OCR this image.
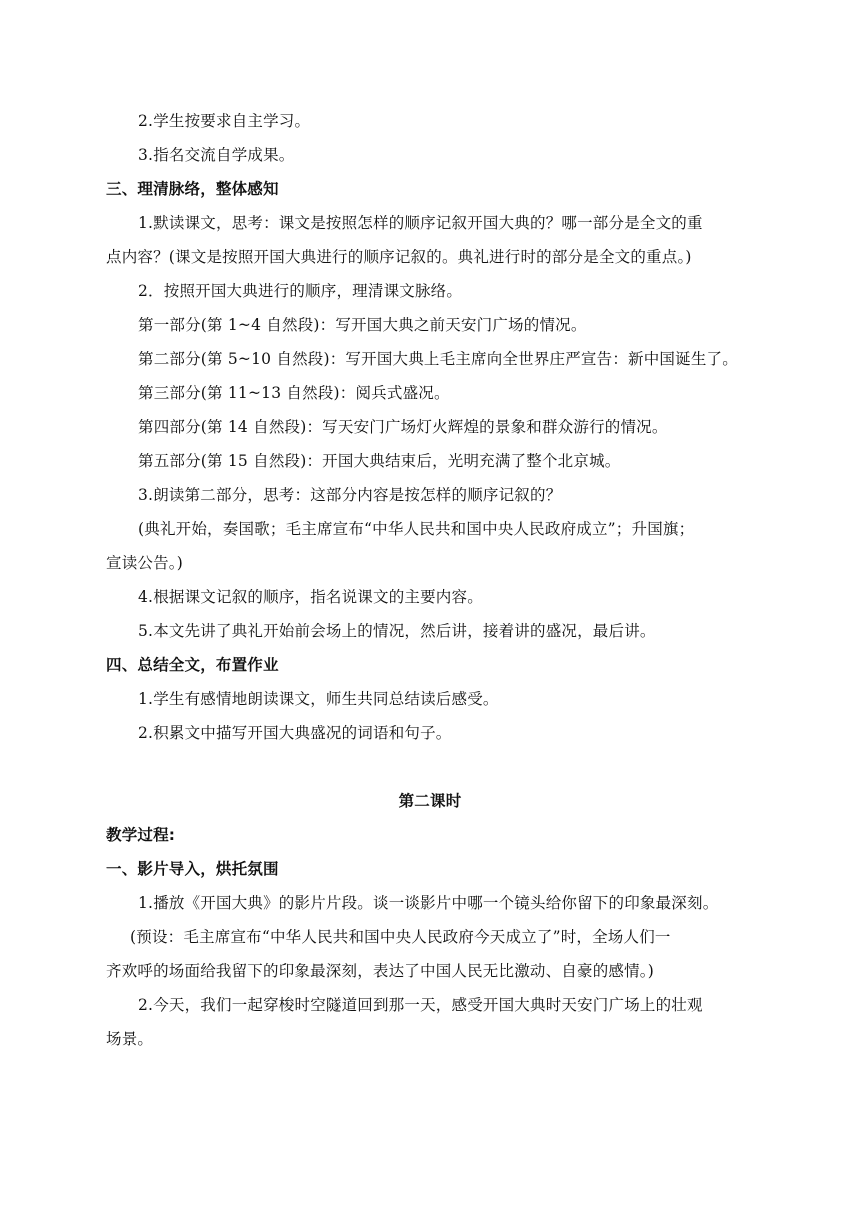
2.学生按要求自主学习。
3.指名交流自学成果。
三、理清脉络，整体感知
1.默读课文，思考：课文是按照怎样的顺序记叙开国大典的？哪一部分是全文的重
点内容？(课文是按照开国大典进行的顺序记叙的。典礼进行时的部分是全文的重点。)
2．按照开国大典进行的顺序，理清课文脉络。
第一部分(第 1~4 自然段)：写开国大典之前天安门广场的情况。
第二部分(第 5~10 自然段)：写开国大典上毛主席向全世界庄严宣告：新中国诞生了。
第三部分(第 11~13 自然段)：阅兵式盛况。
第四部分(第 14 自然段)：写天安门广场灯火辉煌的景象和群众游行的情况。
第五部分(第 15 自然段)：开国大典结束后，光明充满了整个北京城。
3.朗读第二部分，思考：这部分内容是按怎样的顺序记叙的？
(典礼开始，奏国歌；毛主席宣布“中华人民共和国中央人民政府成立”；升国旗；
宣读公告。)
4.根据课文记叙的顺序，指名说课文的主要内容。
5.本文先讲了典礼开始前会场上的情况，然后讲，接着讲的盛况，最后讲。
四、总结全文，布置作业
1.学生有感情地朗读课文，师生共同总结读后感受。
2.积累文中描写开国大典盛况的词语和句子。
第二课时
教学过程:
一、影片导入，烘托氛围
1.播放《开国大典》的影片片段。谈一谈影片中哪一个镜头给你留下的印象最深刻。
(预设：毛主席宣布“中华人民共和国中央人民政府今天成立了”时，全场人们一
齐欢呼的场面给我留下的印象最深刻，表达了中国人民无比激动、自豪的感情。)
2.今天，我们一起穿梭时空隧道回到那一天，感受开国大典时天安门广场上的壮观
场景。
